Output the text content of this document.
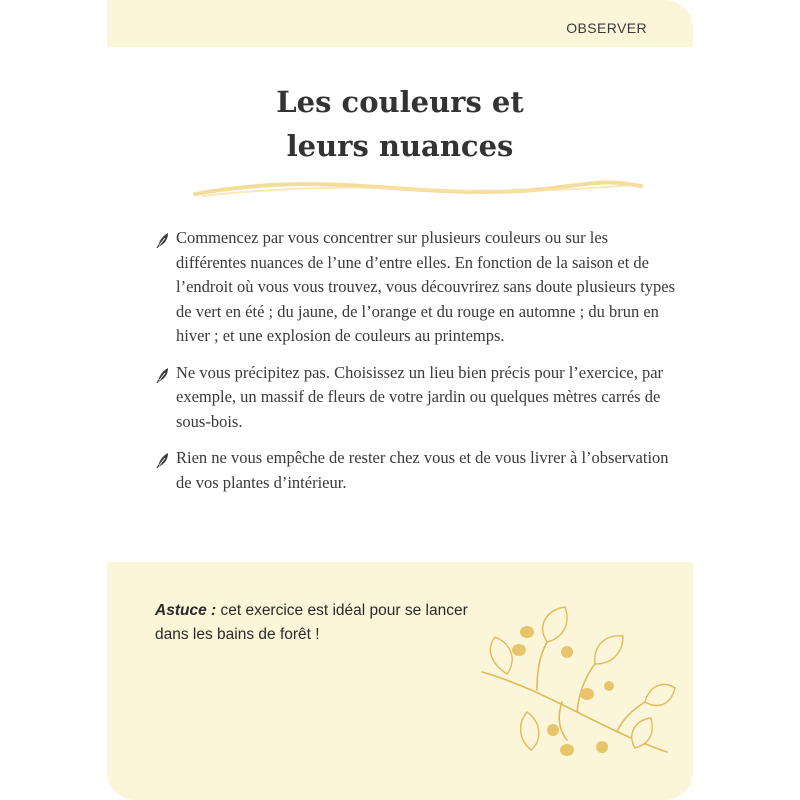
OBSERVER
Les couleurs et
leurs nuances
Commencez par vous concentrer sur plusieurs couleurs ou sur les différentes nuances de l’une d’entre elles. En fonction de la saison et de l’endroit où vous vous trouvez, vous découvrirez sans doute plusieurs types de vert en été ; du jaune, de l’orange et du rouge en automne ; du brun en hiver ; et une explosion de couleurs au printemps.
Ne vous précipitez pas. Choisissez un lieu bien précis pour l’exercice, par exemple, un massif de fleurs de votre jardin ou quelques mètres carrés de sous-bois.
Rien ne vous empêche de rester chez vous et de vous livrer à l’observation de vos plantes d’intérieur.

Astuce : cet exercice est idéal pour se lancer dans les bains de forêt !
